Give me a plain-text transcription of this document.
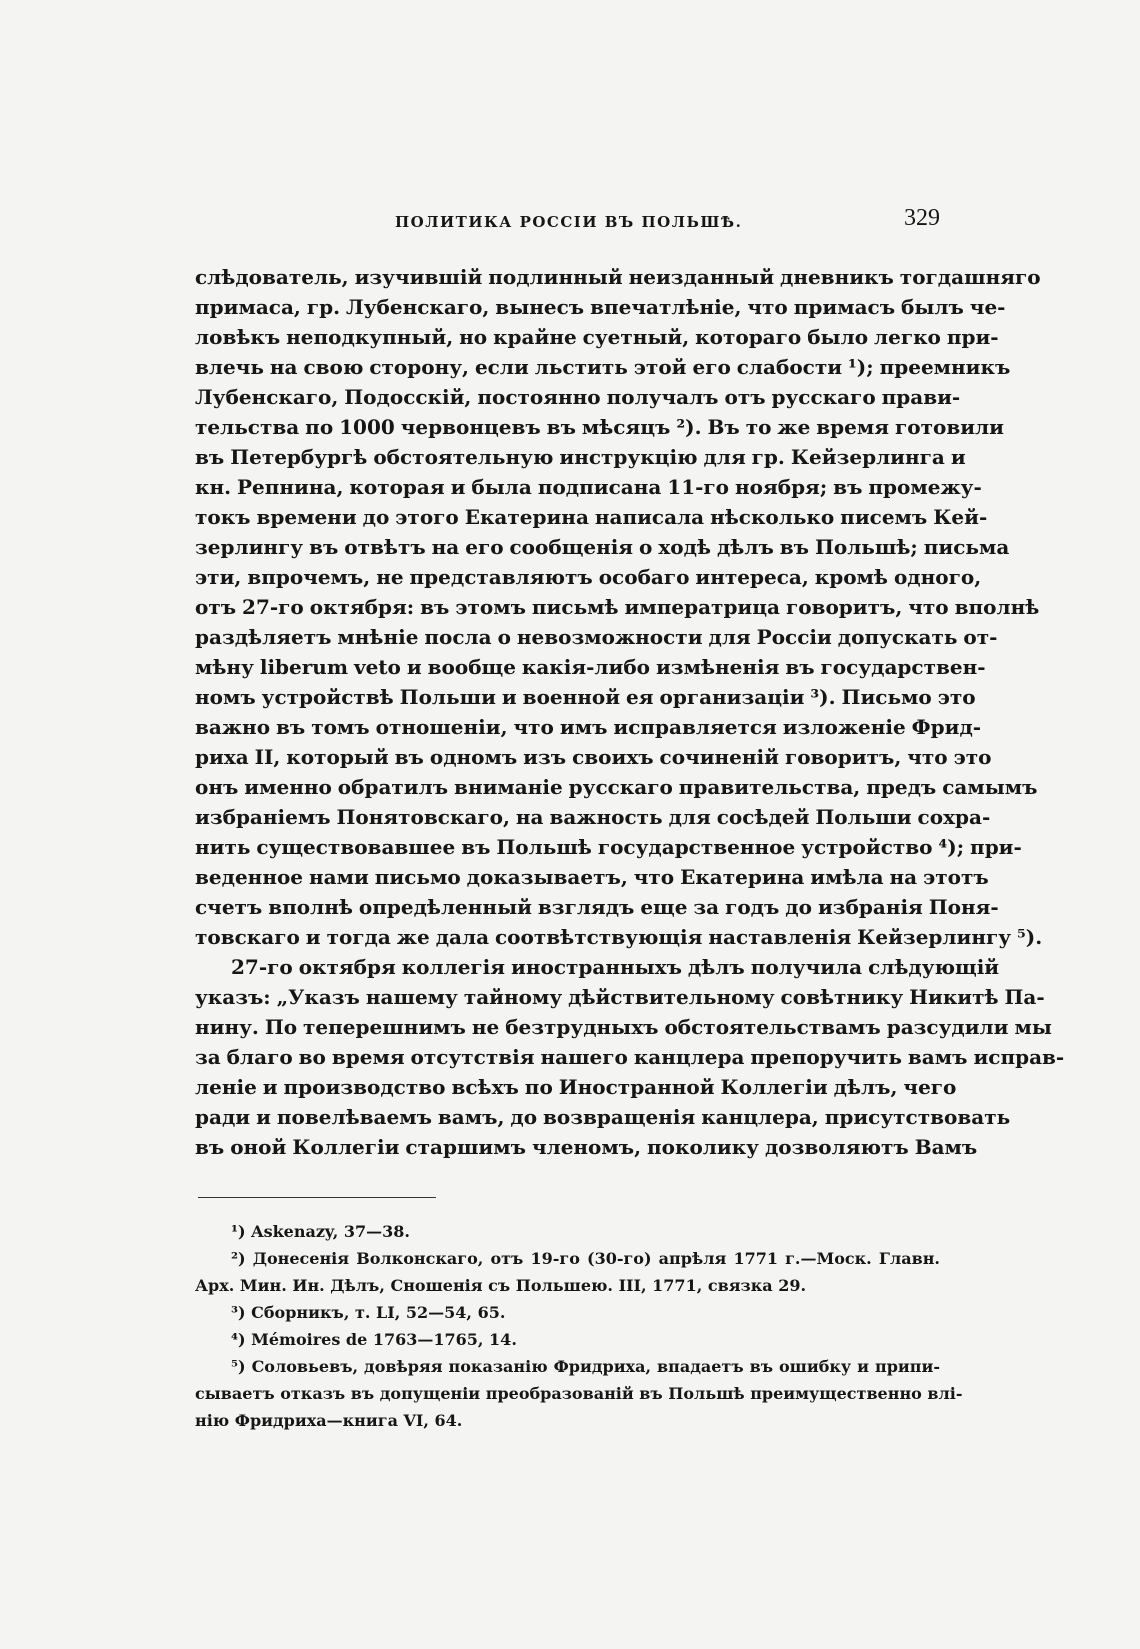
ПОЛИТИКА РОССІИ ВЪ ПОЛЬШѢ.	329
слѣдователь, изучившій подлинный неизданный дневникъ тогдашняго
примаса, гр. Лубенскаго, вынесъ впечатлѣніе, что примасъ былъ че-
ловѣкъ неподкупный, но крайне суетный, котораго было легко при-
влечь на свою сторону, если льстить этой его слабости ¹); преемникъ
Лубенскаго, Подосскій, постоянно получалъ отъ русскаго прави-
тельства по 1000 червонцевъ въ мѣсяцъ ²). Въ то же время готовили
въ Петербургѣ обстоятельную инструкцію для гр. Кейзерлинга и
кн. Репнина, которая и была подписана 11-го ноября; въ промежу-
токъ времени до этого Екатерина написала нѣсколько писемъ Кей-
зерлингу въ отвѣтъ на его сообщенія о ходѣ дѣлъ въ Польшѣ; письма
эти, впрочемъ, не представляютъ особаго интереса, кромѣ одного,
отъ 27-го октября: въ этомъ письмѣ императрица говоритъ, что вполнѣ
раздѣляетъ мнѣніе посла о невозможности для Россіи допускать от-
мѣну liberum veto и вообще какія-либо измѣненія въ государствен-
номъ устройствѣ Польши и военной ея организаціи ³). Письмо это
важно въ томъ отношеніи, что имъ исправляется изложеніе Фрид-
риха II, который въ одномъ изъ своихъ сочиненій говоритъ, что это
онъ именно обратилъ вниманіе русскаго правительства, предъ самымъ
избраніемъ Понятовскаго, на важность для сосѣдей Польши сохра-
нить существовавшее въ Польшѣ государственное устройство ⁴); при-
веденное нами письмо доказываетъ, что Екатерина имѣла на этотъ
счетъ вполнѣ опредѣленный взглядъ еще за годъ до избранія Поня-
товскаго и тогда же дала соотвѣтствующія наставленія Кейзерлингу ⁵).
27-го октября коллегія иностранныхъ дѣлъ получила слѣдующій
указъ: „Указъ нашему тайному дѣйствительному совѣтнику Никитѣ Па-
нину. По теперешнимъ не безтрудныхъ обстоятельствамъ разсудили мы
за благо во время отсутствія нашего канцлера препоручить вамъ исправ-
леніе и производство всѣхъ по Иностранной Коллегіи дѣлъ, чего
ради и повелѣваемъ вамъ, до возвращенія канцлера, присутствовать
въ оной Коллегіи старшимъ членомъ, поколику дозволяютъ Вамъ
¹) Askenazy, 37—38.
²) Донесенія Волконскаго, отъ 19-го (30-го) апрѣля 1771 г.—Моск. Главн.
Арх. Мин. Ин. Дѣлъ, Сношенія съ Польшею. III, 1771, связка 29.
³) Сборникъ, т. LI, 52—54, 65.
⁴) Mémoires de 1763—1765, 14.
⁵) Соловьевъ, довѣряя показанію Фридриха, впадаетъ въ ошибку и припи-
сываетъ отказъ въ допущеніи преобразованій въ Польшѣ преимущественно влі-
нію Фридриха—книга VI, 64.
